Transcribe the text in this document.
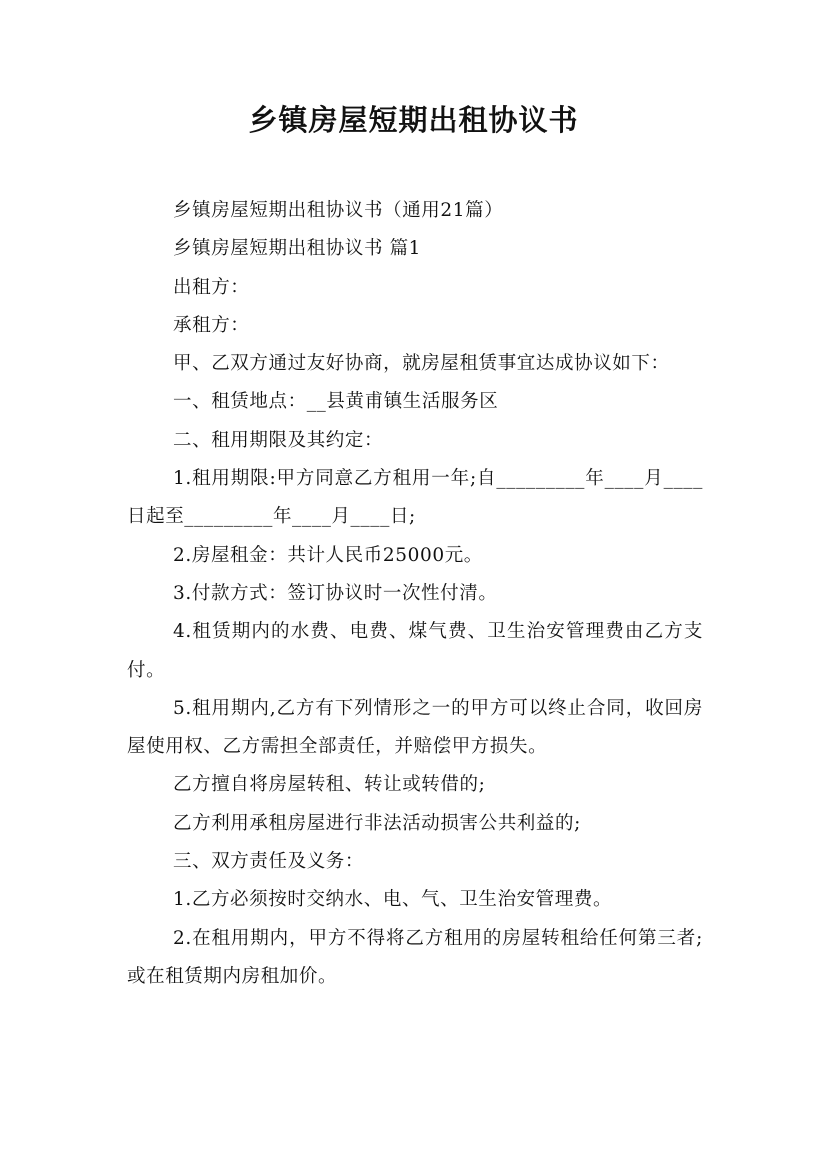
乡镇房屋短期出租协议书

乡镇房屋短期出租协议书（通用21篇）

乡镇房屋短期出租协议书 篇1

出租方：

承租方：

甲、乙双方通过友好协商，就房屋租赁事宜达成协议如下：

一、租赁地点：__县黄甫镇生活服务区

二、租用期限及其约定：

1.租用期限:甲方同意乙方租用一年;自_________年____月____日起至_________年____月____日;

2.房屋租金：共计人民币25000元。

3.付款方式：签订协议时一次性付清。

4.租赁期内的水费、电费、煤气费、卫生治安管理费由乙方支付。

5.租用期内,乙方有下列情形之一的甲方可以终止合同，收回房屋使用权、乙方需担全部责任，并赔偿甲方损失。

乙方擅自将房屋转租、转让或转借的;

乙方利用承租房屋进行非法活动损害公共利益的;

三、双方责任及义务：

1.乙方必须按时交纳水、电、气、卫生治安管理费。

2.在租用期内，甲方不得将乙方租用的房屋转租给任何第三者;或在租赁期内房租加价。
